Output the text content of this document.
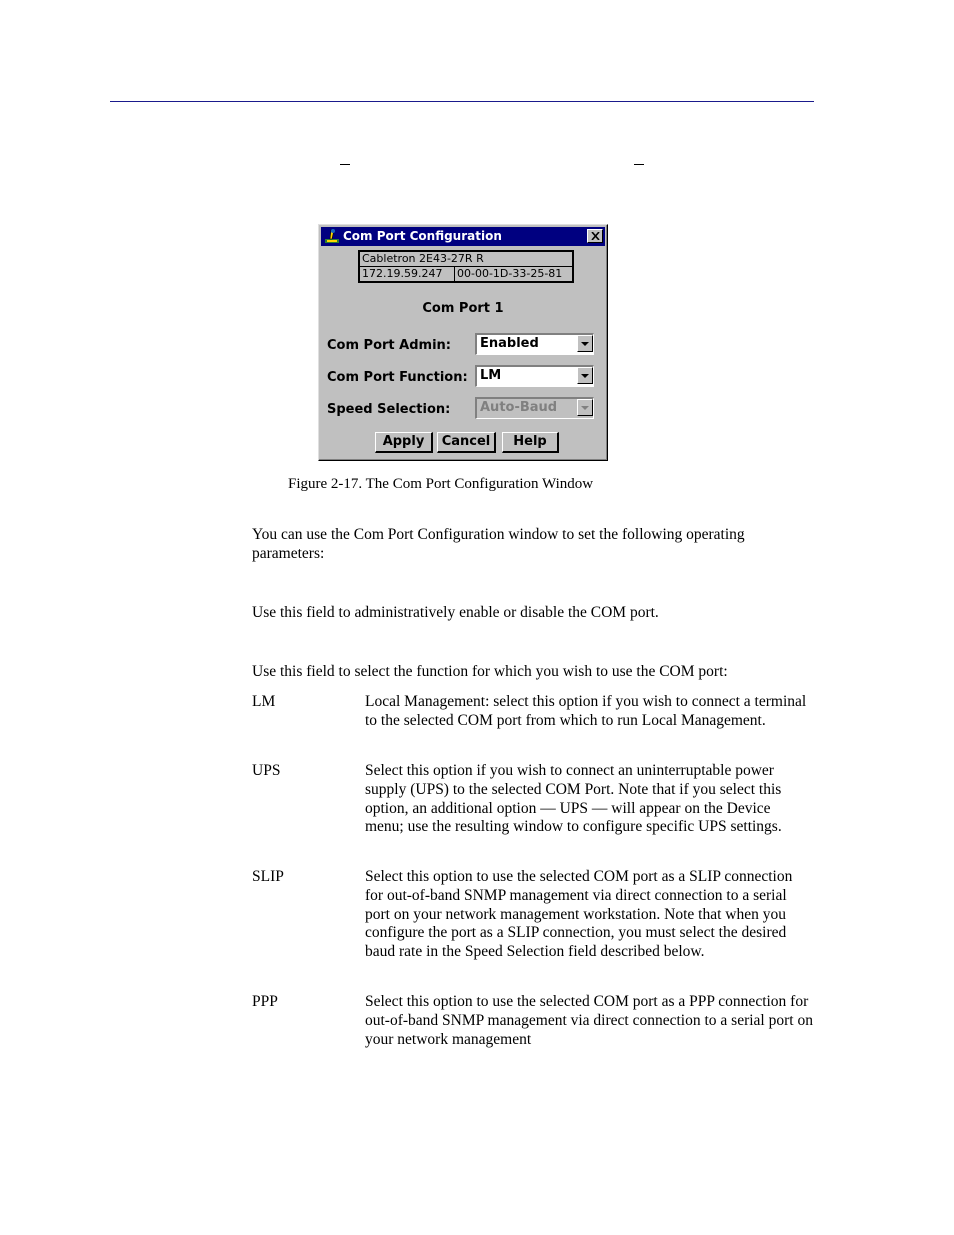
Com Port Configuration
Cabletron 2E43-27R R
172.19.59.247	00-00-1D-33-25-81
Com Port 1
Com Port Admin: Enabled
Com Port Function: LM
Speed Selection: Auto-Baud
Apply	Cancel	Help
Figure 2-17. The Com Port Configuration Window
You can use the Com Port Configuration window to set the following operating parameters:
Use this field to administratively enable or disable the COM port.
Use this field to select the function for which you wish to use the COM port:
LM	Local Management: select this option if you wish to connect a terminal to the selected COM port from which to run Local Management.
UPS	Select this option if you wish to connect an uninterruptable power supply (UPS) to the selected COM Port. Note that if you select this option, an additional option — UPS — will appear on the Device menu; use the resulting window to configure specific UPS settings.
SLIP	Select this option to use the selected COM port as a SLIP connection for out-of-band SNMP management via direct connection to a serial port on your network management workstation. Note that when you configure the port as a SLIP connection, you must select the desired baud rate in the Speed Selection field described below.
PPP	Select this option to use the selected COM port as a PPP connection for out-of-band SNMP management via direct connection to a serial port on your network management
